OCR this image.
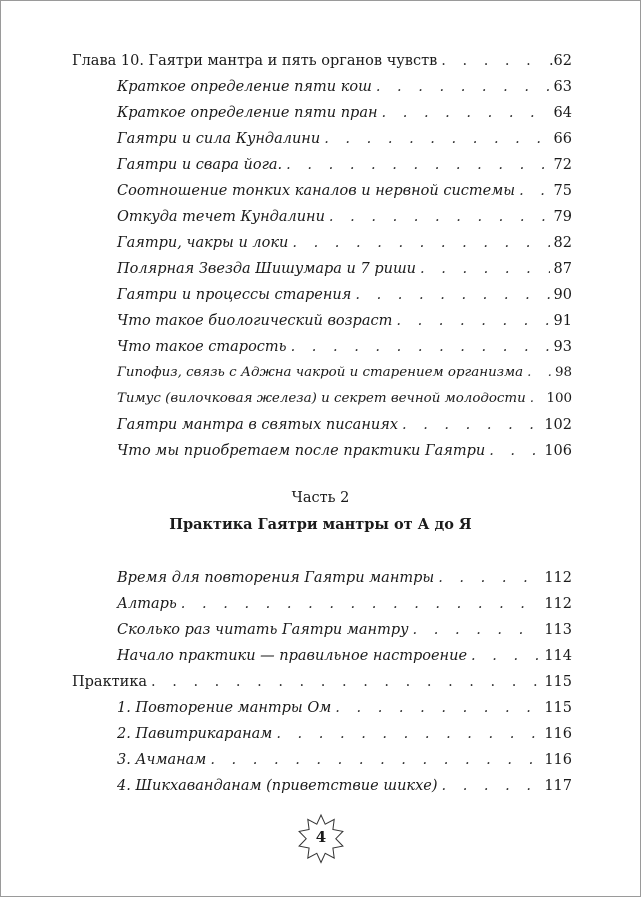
Глава 10. Гаятри мантра и пять органов чувств . . .	.62
Краткое определение пяти кош . . .	63
Краткое определение пяти пран . . .	64
Гаятри и сила Кундалини . . .	66
Гаятри и свара йога. . . .	72
Соотношение тонких каналов и нервной системы . . .	75
Откуда течет Кундалини . . .	79
Гаятри, чакры и локи . . .	82
Полярная Звезда Шишумара и 7 риши . . .	87
Гаятри и процессы старения . . .	90
Что такое биологический возраст . . .	91
Что такое старость . . .	93
Гипофиз, связь с Аджна чакрой и старением организма . . . 98
Тимус (вилочковая железа) и секрет вечной молодости . . . 100
Гаятри мантра в святых писаниях . . .	102
Что мы приобретаем после практики Гаятри . . .	106
Часть 2
Практика Гаятри мантры от А до Я
Время для повторения Гаятри мантры . . .	112
Алтарь . . .	112
Сколько раз читать Гаятри мантру . . .	113
Начало практики — правильное настроение . . .	114
Практика . . .	115
1. Повторение мантры Ом . . .	115
2. Павитрикаранам . . .	116
3. Ачманам . . .	116
4. Шикхаванданам (приветствие шикхе) . . .	117
4
